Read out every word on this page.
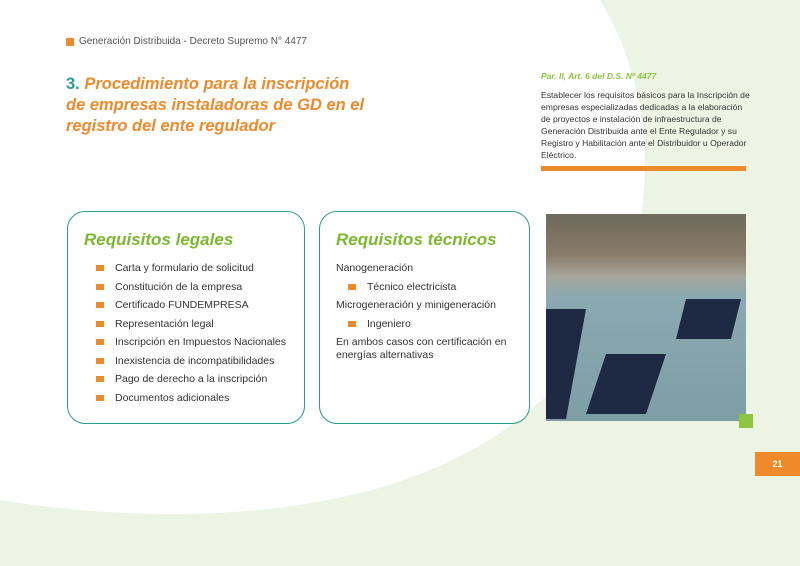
Generación Distribuida - Decreto Supremo N° 4477
3. Procedimiento para la inscripción de empresas instaladoras de GD en el registro del ente regulador
Par. II, Art. 6 del D.S. Nº 4477
Establecer los requisitos básicos para la Inscripción de empresas especializadas dedicadas a la elaboración de proyectos e instalación de infraestructura de Generación Distribuida ante el Ente Regulador y su Registro y Habilitación ante el Distribuidor u Operador Eléctrico.
Requisitos legales
Carta y formulario de solicitud
Constitución de la empresa
Certificado FUNDEMPRESA
Representación legal
Inscripción en Impuestos Nacionales
Inexistencia de incompatibilidades
Pago de derecho a la inscripción
Documentos adicionales
Requisitos técnicos
Nanogeneración
Técnico electricista
Microgeneración y minigeneración
Ingeniero
En ambos casos con certificación en energías alternativas
21
